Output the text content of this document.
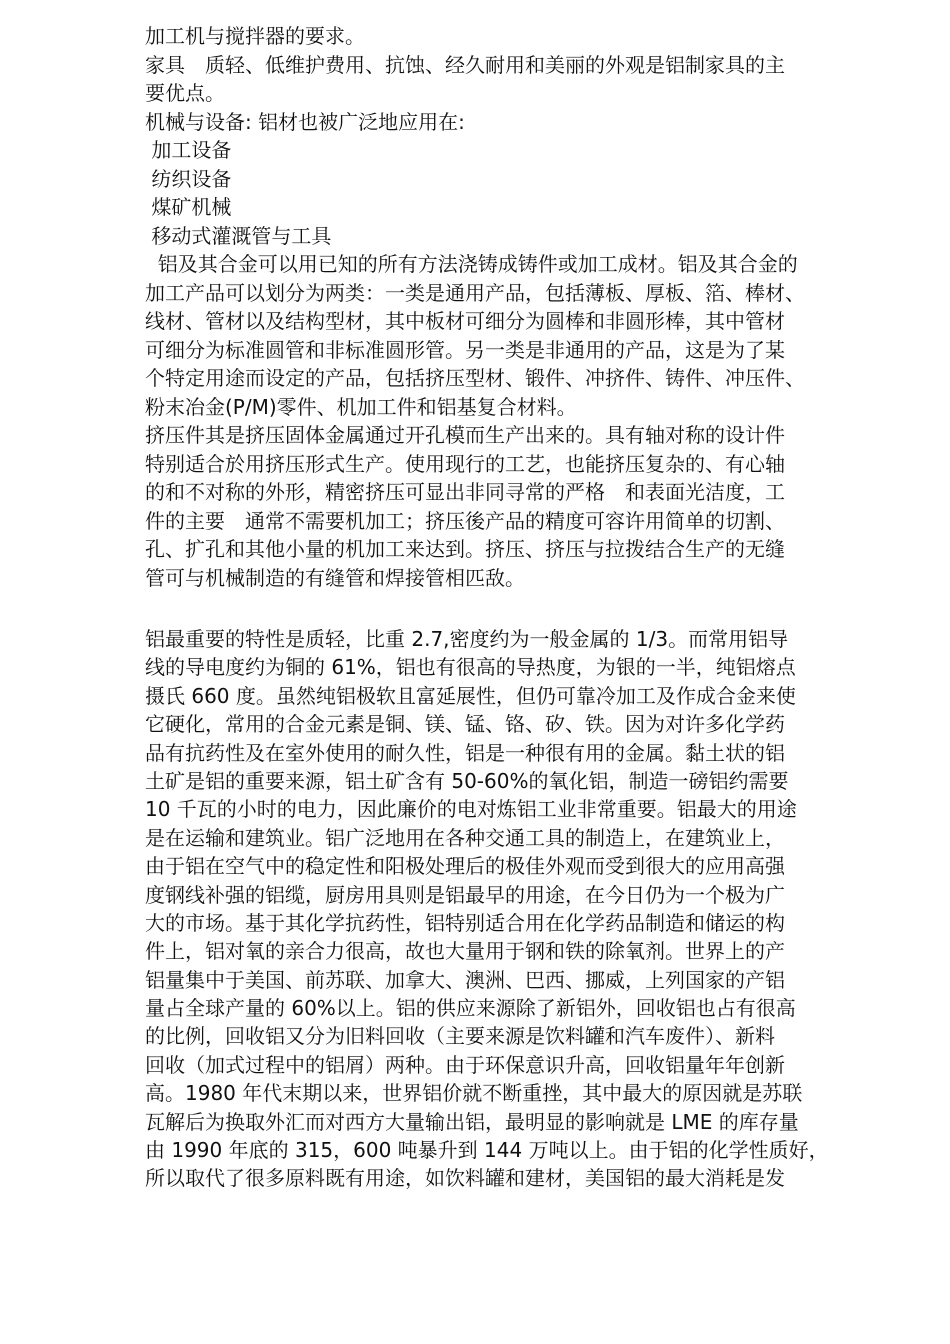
加工机与搅拌器的要求。
家具　质轻、低维护费用、抗蚀、经久耐用和美丽的外观是铝制家具的主
要优点。
机械与设备: 铝材也被广泛地应用在:
加工设备
纺织设备
煤矿机械
移动式灌溉管与工具
铝及其合金可以用已知的所有方法浇铸成铸件或加工成材。铝及其合金的
加工产品可以划分为两类：一类是通用产品，包括薄板、厚板、箔、棒材、
线材、管材以及结构型材，其中板材可细分为圆棒和非圆形棒，其中管材
可细分为标准圆管和非标准圆形管。另一类是非通用的产品，这是为了某
个特定用途而设定的产品，包括挤压型材、锻件、冲挤件、铸件、冲压件、
粉末冶金(P/M)零件、机加工件和铝基复合材料。
挤压件其是挤压固体金属通过开孔模而生产出来的。具有轴对称的设计件
特别适合於用挤压形式生产。使用现行的工艺，也能挤压复杂的、有心轴
的和不对称的外形，精密挤压可显出非同寻常的严格　和表面光洁度，工
件的主要　通常不需要机加工；挤压後产品的精度可容许用简单的切割、
孔、扩孔和其他小量的机加工来达到。挤压、挤压与拉拨结合生产的无缝
管可与机械制造的有缝管和焊接管相匹敌。
铝最重要的特性是质轻，比重 2.7,密度约为一般金属的 1/3。而常用铝导
线的导电度约为铜的 61%，铝也有很高的导热度，为银的一半，纯铝熔点
摄氏 660 度。虽然纯铝极软且富延展性，但仍可靠冷加工及作成合金来使
它硬化，常用的合金元素是铜、镁、锰、铬、矽、铁。因为对许多化学药
品有抗药性及在室外使用的耐久性，铝是一种很有用的金属。黏土状的铝
土矿是铝的重要来源，铝土矿含有 50-60%的氧化铝，制造一磅铝约需要
10 千瓦的小时的电力，因此廉价的电对炼铝工业非常重要。铝最大的用途
是在运输和建筑业。铝广泛地用在各种交通工具的制造上，在建筑业上，
由于铝在空气中的稳定性和阳极处理后的极佳外观而受到很大的应用高强
度钢线补强的铝缆，厨房用具则是铝最早的用途，在今日仍为一个极为广
大的市场。基于其化学抗药性，铝特别适合用在化学药品制造和储运的构
件上，铝对氧的亲合力很高，故也大量用于钢和铁的除氧剂。世界上的产
铝量集中于美国、前苏联、加拿大、澳洲、巴西、挪威，上列国家的产铝
量占全球产量的 60%以上。铝的供应来源除了新铝外，回收铝也占有很高
的比例，回收铝又分为旧料回收（主要来源是饮料罐和汽车废件）、新料
回收（加式过程中的铝屑）两种。由于环保意识升高，回收铝量年年创新
高。1980 年代末期以来，世界铝价就不断重挫，其中最大的原因就是苏联
瓦解后为换取外汇而对西方大量输出铝，最明显的影响就是 LME 的库存量
由 1990 年底的 315，600 吨暴升到 144 万吨以上。由于铝的化学性质好，
所以取代了很多原料既有用途，如饮料罐和建材，美国铝的最大消耗是发
